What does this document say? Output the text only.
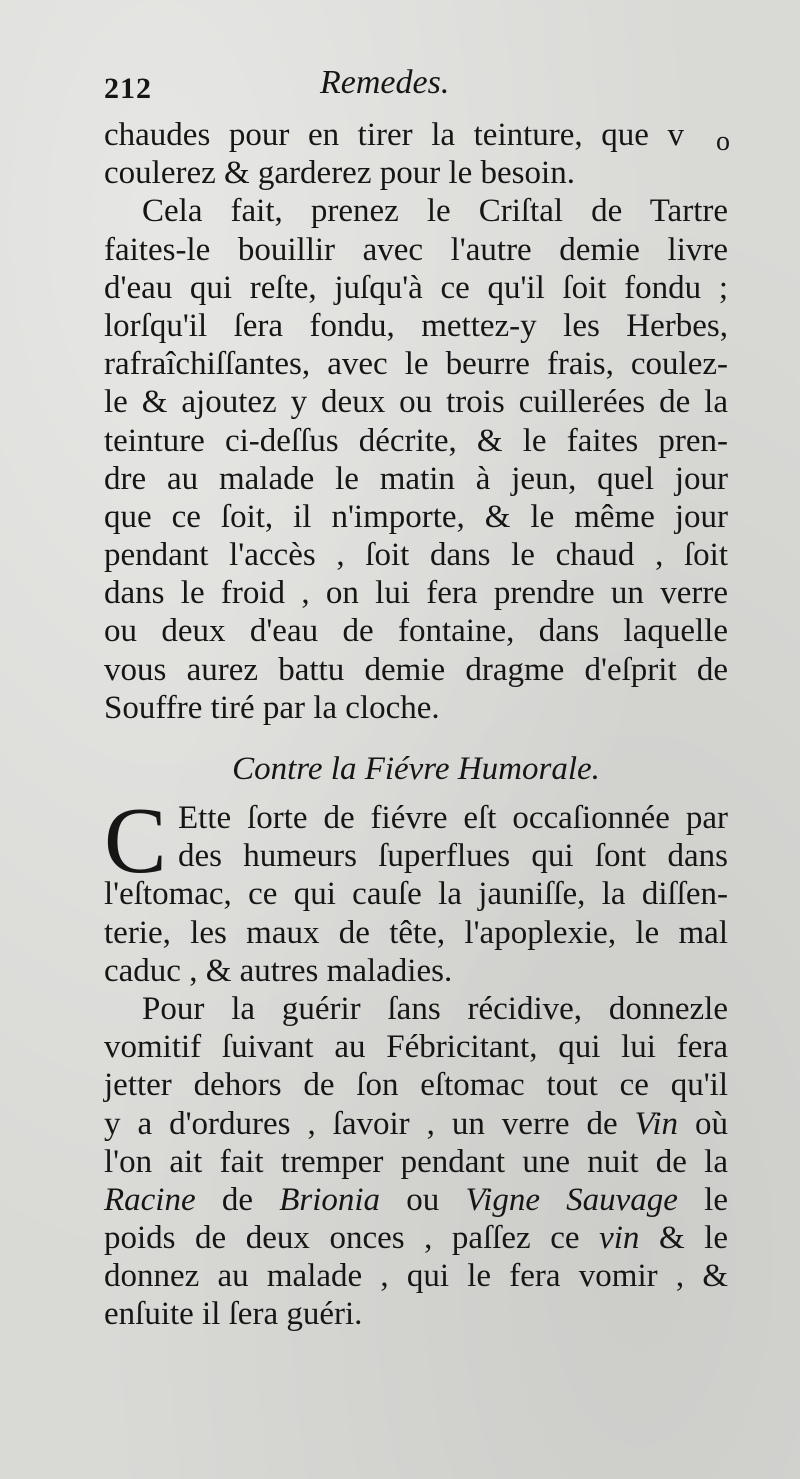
212	Remedes.
o
chaudes pour en tirer la teinture, que v
coulerez & garderez pour le besoin.
Cela fait, prenez le Criſtal de Tartre
faites-le bouillir avec l'autre demie livre
d'eau qui reſte, juſqu'à ce qu'il ſoit fondu ;
lorſqu'il ſera fondu, mettez-y les Herbes,
rafraîchiſſantes, avec le beurre frais, coulez-
le & ajoutez y deux ou trois cuillerées de la
teinture ci-deſſus décrite, & le faites pren-
dre au malade le matin à jeun, quel jour
que ce ſoit, il n'importe, & le même jour
pendant l'accès , ſoit dans le chaud , ſoit
dans le froid , on lui fera prendre un verre
ou deux d'eau de fontaine, dans laquelle
vous aurez battu demie dragme d'eſprit de
Souffre tiré par la cloche.
Contre la Fiévre Humorale.
C Ette ſorte de fiévre eſt occaſionnée par
des humeurs ſuperflues qui ſont dans
l'eſtomac, ce qui cauſe la jauniſſe, la diſſen-
terie, les maux de tête, l'apoplexie, le mal
caduc , & autres maladies.
Pour la guérir ſans récidive, donnezle
vomitif ſuivant au Fébricitant, qui lui fera
jetter dehors de ſon eſtomac tout ce qu'il
y a d'ordures , ſavoir , un verre de Vin où
l'on ait fait tremper pendant une nuit de la
Racine de Brionia ou Vigne Sauvage le
poids de deux onces , paſſez ce vin & le
donnez au malade , qui le fera vomir , &
enſuite il ſera guéri.
